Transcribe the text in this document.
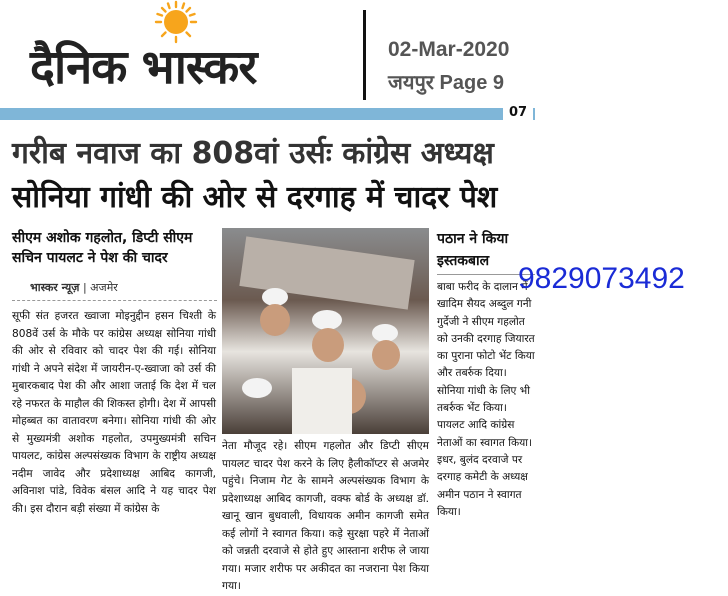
दैनिक भास्कर	02-Mar-2020
जयपुर Page 9
07
गरीब नवाज का 808वां उर्सः कांग्रेस अध्यक्ष
सोनिया गांधी की ओर से दरगाह में चादर पेश
सीएम अशोक गहलोत, डिप्टी सीएम सचिन पायलट ने पेश की चादर
भास्कर न्यूज़ | अजमेर
सूफी संत हजरत ख्वाजा मोइनुद्दीन हसन चिश्ती के 808वें उर्स के मौके पर कांग्रेस अध्यक्ष सोनिया गांधी की ओर से रविवार को चादर पेश की गई। सोनिया गांधी ने अपने संदेश में जायरीन-ए-ख्वाजा को उर्स की मुबारकबाद पेश की और आशा जताई कि देश में चल रहे नफरत के माहौल की शिकस्त होगी। देश में आपसी मोहब्बत का वातावरण बनेगा। सोनिया गांधी की ओर से मुख्यमंत्री अशोक गहलोत, उपमुख्यमंत्री सचिन पायलट, कांग्रेस अल्पसंख्यक विभाग के राष्ट्रीय अध्यक्ष नदीम जावेद और प्रदेशाध्यक्ष आबिद कागजी, अविनाश पांडे, विवेक बंसल आदि ने यह चादर पेश की। इस दौरान बड़ी संख्या में कांग्रेस के
नेता मौजूद रहे। सीएम गहलोत और डिप्टी सीएम पायलट चादर पेश करने के लिए हैलीकॉप्टर से अजमेर पहुंचे। निजाम गेट के सामने अल्पसंख्यक विभाग के प्रदेशाध्यक्ष आबिद कागजी, वक्फ बोर्ड के अध्यक्ष डॉ. खानू खान बुधवाली, विधायक अमीन कागजी समेत कई लोगों ने स्वागत किया। कड़े सुरक्षा पहरे में नेताओं को जन्नती दरवाजे से होते हुए आस्ताना शरीफ ले जाया गया। मजार शरीफ पर अकीदत का नजराना पेश किया गया।
पठान ने किया इस्तकबाल
बाबा फरीद के दालान में खादिम सैयद अब्दुल गनी गुर्देजी ने सीएम गहलोत को उनकी दरगाह जियारत का पुराना फोटो भेंट किया और तबर्रुक दिया। सोनिया गांधी के लिए भी तबर्रुक भेंट किया। पायलट आदि कांग्रेस नेताओं का स्वागत किया। इधर, बुलंद दरवाजे पर दरगाह कमेटी के अध्यक्ष अमीन पठान ने स्वागत किया।
9829073492
